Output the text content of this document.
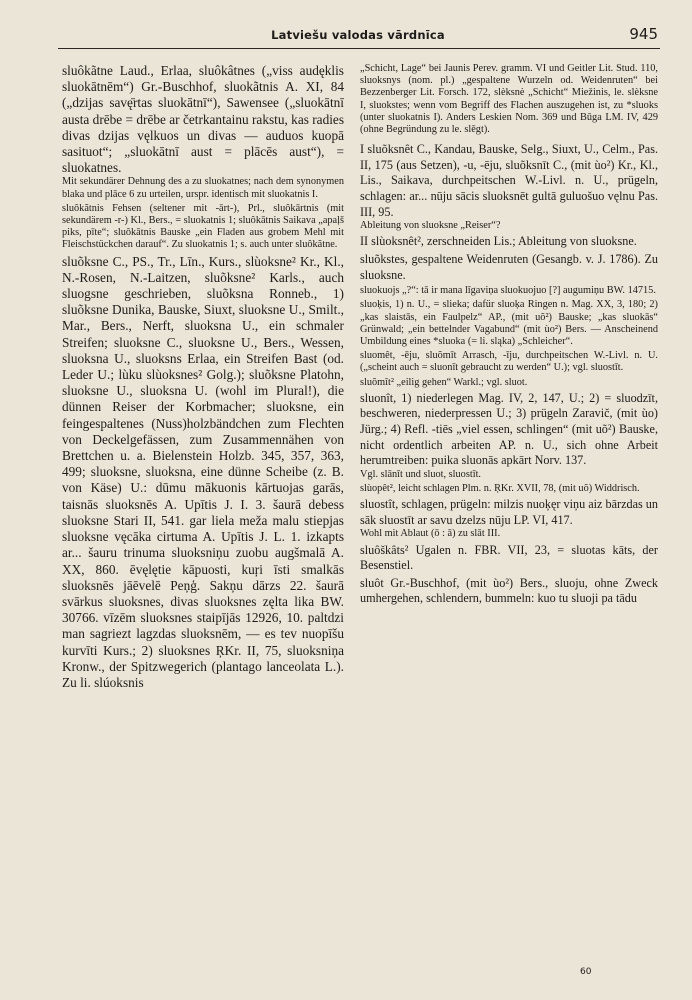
Latviešu valodas vārdnīca	945

sluôkãtne Laud., Erlaa, sluôkâtnes („viss audęklis sluokātnēm“) Gr.-Buschhof, sluokãtnis A. XI, 84 („dzijas savę̄rtas sluokātnī“), Sawensee („sluokātnī austa drēbe = drēbe ar četrkantainu rakstu, kas radies divas dzijas vęlkuos un divas — auduos kuopā sasituot“; „sluokātnī aust = plācēs aust“), = sluokatnes.

Mit sekundärer Dehnung des a zu sluokatnes; nach dem synonymen blaka und plāce 6 zu urteilen, urspr. identisch mit sluokatnis I.

sluôkãtnis Fehsen (seltener mit -ārt-), Prl., sluôkārtnis (mit sekundärem -r-) Kl., Bers., = sluokatnis 1; sluôkātnis Saikava „apaļš piks, pīte“; sluôkātnis Bauske „ein Fladen aus grobem Mehl mit Fleischstückchen darauf“. Zu sluokatnis 1; s. auch unter sluôkãtne.

sluõksne C., PS., Tr., Līn., Kurs., slùoksne² Kr., Kl., N.-Rosen, N.-Laitzen, sluõksne² Karls., auch sluogsne geschrieben, sluõksna Ronneb., 1) sluõksne Dunika, Bauske, Siuxt, sluoksne U., Smilt., Mar., Bers., Nerft, sluoksna U., ein schmaler Streifen; sluoksne C., sluoksne U., Bers., Wessen, sluoksna U., sluoksns Erlaa, ein Streifen Bast (od. Leder U.; lùku slùoksnes² Golg.); sluõksne Platohn, sluoksne U., sluoksna U. (wohl im Plural!), die dünnen Reiser der Korbmacher; sluoksne, ein feingespaltenes (Nuss)holzbändchen zum Flechten von Deckelgefässen, zum Zusammennähen von Brettchen u. a. Bielenstein Holzb. 345, 357, 363, 499; sluoksne, sluoksna, eine dünne Scheibe (z. B. von Käse) U.: dūmu mākuonis kārtuojas garās, taisnās sluoksnēs A. Upītis J. I. 3. šaurā debess sluoksne Stari II, 541. gar liela meža malu stiepjas sluoksne vęcāka cirtuma A. Upītis J. L. 1. izkapts ar... šauru trinuma sluoksniņu zuobu augšmalā A. XX, 860. ēvęlętie kāpuosti, kuŗi īsti smalkās sluoksnēs jāēvelē Peņģ. Sakņu dārzs 22. šaurā svārkus sluoksnes, divas sluoksnes zęlta lika BW. 30766. vīzēm sluoksnes staipījās 12926, 10. paltdzi man sagriezt lagzdas sluoksnēm, — es tev nuopīšu kurvīti Kurs.; 2) sluoksnes ŖKr. II, 75, sluoksniņa Kronw., der Spitzwegerich (plantago lanceolata L.). Zu li. slúoksnis

„Schicht, Lage“ bei Jaunis Perev. gramm. VI und Geitler Lit. Stud. 110, sluoksnys (nom. pl.) „gespaltene Wurzeln od. Weidenruten“ bei Bezzenberger Lit. Forsch. 172, slèksnė „Schicht“ Miežinis, le. slèksne I, sluokstes; wenn vom Begriff des Flachen auszugehen ist, zu *sluoks (unter sluokatnis I). Anders Leskien Nom. 369 und Būga LM. IV, 429 (ohne Begründung zu le. slēgt).

I sluõksnêt C., Kandau, Bauske, Selg., Siuxt, U., Celm., Pas. II, 175 (aus Setzen), -u, -ēju, sluõksnīt C., (mit ùo²) Kr., Kl., Lis., Saikava, durchpeitschen W.-Livl. n. U., prügeln, schlagen: ar... nūju sācis sluoksnēt gultā guluošuo vęlnu Pas. III, 95.

Ableitung von sluoksne „Reiser“?

II slùoksnêt², zerschneiden Lis.; Ableitung von sluoksne.

sluõkstes, gespaltene Weidenruten (Gesangb. v. J. 1786). Zu sluoksne.

sluokuojs „?“: tā ir mana līgaviņa sluokuojuo [?] augumiņu BW. 14715.

sluoķis, 1) n. U., = slieka; dafür sluoķa Ringen n. Mag. XX, 3, 180; 2) „kas slaistās, ein Faulpelz“ AP., (mit uõ²) Bauske; „kas sluokās“ Grünwald; „ein bettelnder Vagabund“ (mit ùo²) Bers. — Anscheinend Umbildung eines *sluoka (= li. sląka) „Schleicher“.

sluomêt, -ēju, sluõmīt Arrasch, -īju, durchpeitschen W.-Livl. n. U. („scheint auch = sluonīt gebraucht zu werden“ U.); vgl. sluostīt.

sluõmît² „eilig gehen“ Warkl.; vgl. sluot.

sluonît, 1) niederlegen Mag. IV, 2, 147, U.; 2) = sluodzīt, beschweren, niederpressen U.; 3) prügeln Zaravič, (mit ùo) Jürg.; 4) Refl. -tiēs „viel essen, schlingen“ (mit uõ²) Bauske, nicht ordentlich arbeiten AP. n. U., sich ohne Arbeit herumtreiben: puika sluonās apkārt Norv. 137.

Vgl. slānīt und sluot, sluostīt.

slùopêt², leicht schlagen Plm. n. ŖKr. XVII, 78, (mit uõ) Widdrisch.

sluostît, schlagen, prügeln: milzis nuoķęr viņu aiz bārzdas un sāk sluostīt ar savu dzelzs nūju LP. VI, 417.

Wohl mit Ablaut (ō : ā) zu slāt III.

sluôškâts² Ugalen n. FBR. VII, 23, = sluotas kāts, der Besenstiel.

sluôt Gr.-Buschhof, (mit ùo²) Bers., sluoju, ohne Zweck umhergehen, schlendern, bummeln: kuo tu sluoji pa tādu

60
